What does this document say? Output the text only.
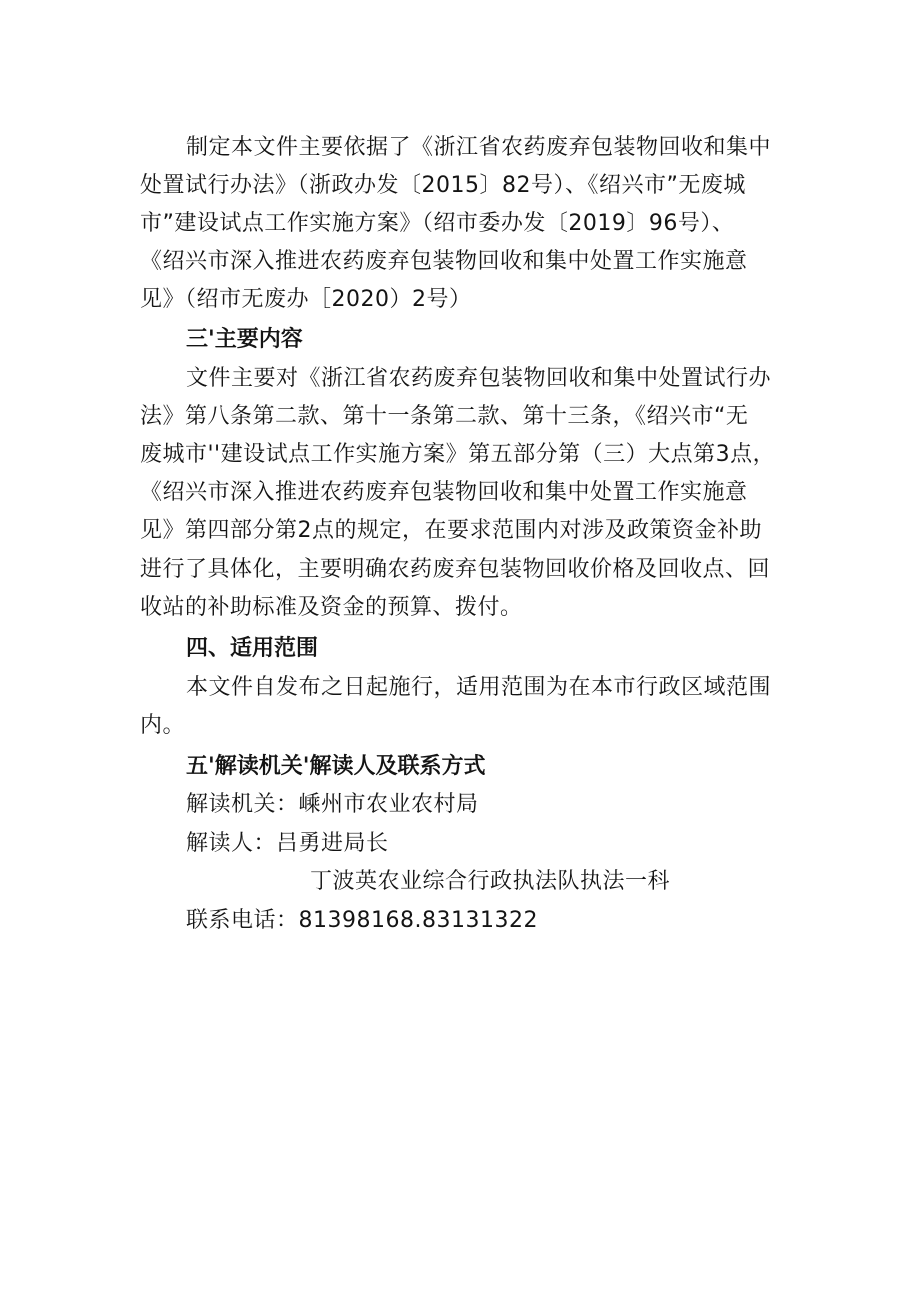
制定本文件主要依据了《浙江省农药废弃包装物回收和集中
处置试行办法》（浙政办发〔2015〕82号）、《绍兴市”无废城
市”建设试点工作实施方案》（绍市委办发〔2019〕96号）、
《绍兴市深入推进农药废弃包装物回收和集中处置工作实施意
见》（绍市无废办［2020）2号）
三'主要内容
文件主要对《浙江省农药废弃包装物回收和集中处置试行办
法》第八条第二款、第十一条第二款、第十三条，《绍兴市“无
废城市''建设试点工作实施方案》第五部分第（三）大点第3点，
《绍兴市深入推进农药废弃包装物回收和集中处置工作实施意
见》第四部分第2点的规定，在要求范围内对涉及政策资金补助
进行了具体化，主要明确农药废弃包装物回收价格及回收点、回
收站的补助标准及资金的预算、拨付。
四、适用范围
本文件自发布之日起施行，适用范围为在本市行政区域范围
内。
五'解读机关'解读人及联系方式
解读机关：嵊州市农业农村局
解读人：吕勇进局长
丁波英农业综合行政执法队执法一科
联系电话：81398168.83131322
